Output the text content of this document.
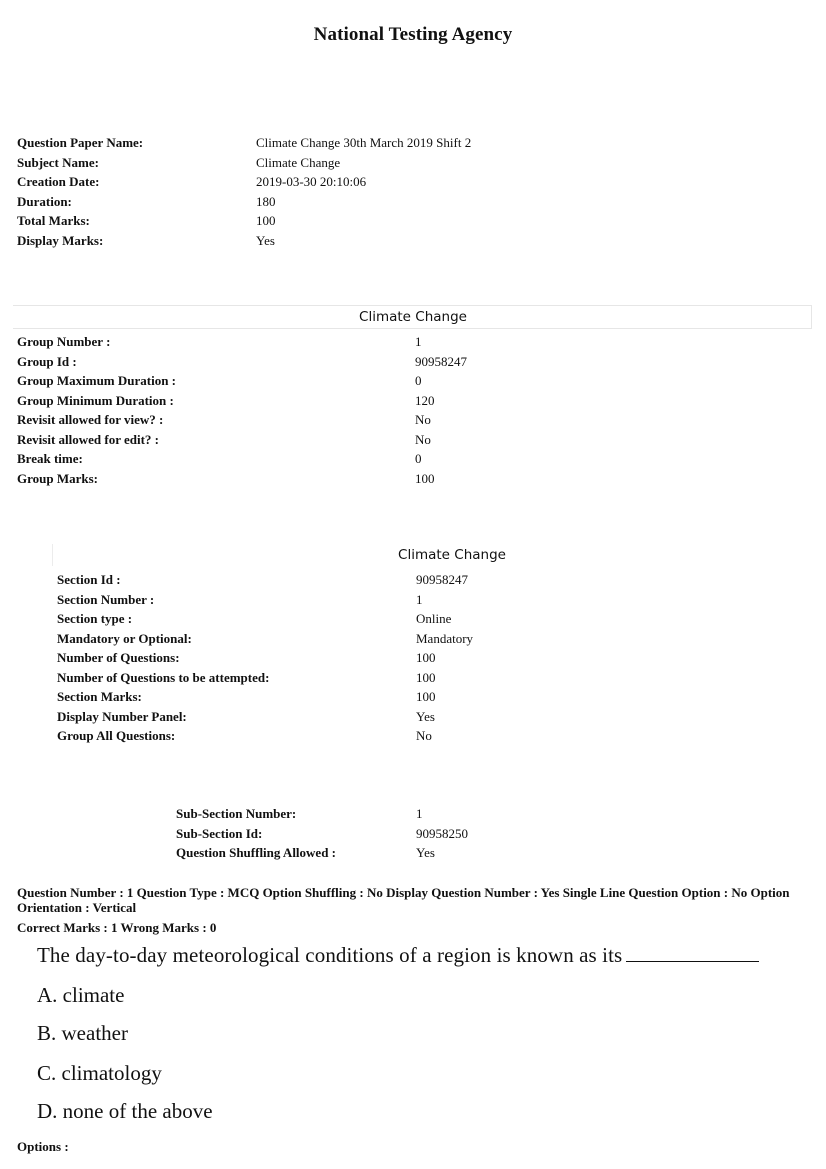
National Testing Agency
Question Paper Name:	Climate Change 30th March 2019 Shift 2
Subject Name:	Climate Change
Creation Date:	2019-03-30 20:10:06
Duration:	180
Total Marks:	100
Display Marks:	Yes
Climate Change
Group Number :	1
Group Id :	90958247
Group Maximum Duration :	0
Group Minimum Duration :	120
Revisit allowed for view? :	No
Revisit allowed for edit? :	No
Break time:	0
Group Marks:	100
Climate Change
Section Id :	90958247
Section Number :	1
Section type :	Online
Mandatory or Optional:	Mandatory
Number of Questions:	100
Number of Questions to be attempted:	100
Section Marks:	100
Display Number Panel:	Yes
Group All Questions:	No
Sub-Section Number:	1
Sub-Section Id:	90958250
Question Shuffling Allowed :	Yes
Question Number : 1 Question Type : MCQ Option Shuffling : No Display Question Number : Yes Single Line Question Option : No Option Orientation : Vertical
Correct Marks : 1 Wrong Marks : 0
The day-to-day meteorological conditions of a region is known as its
A. climate
B. weather
C. climatology
D. none of the above
Options :
